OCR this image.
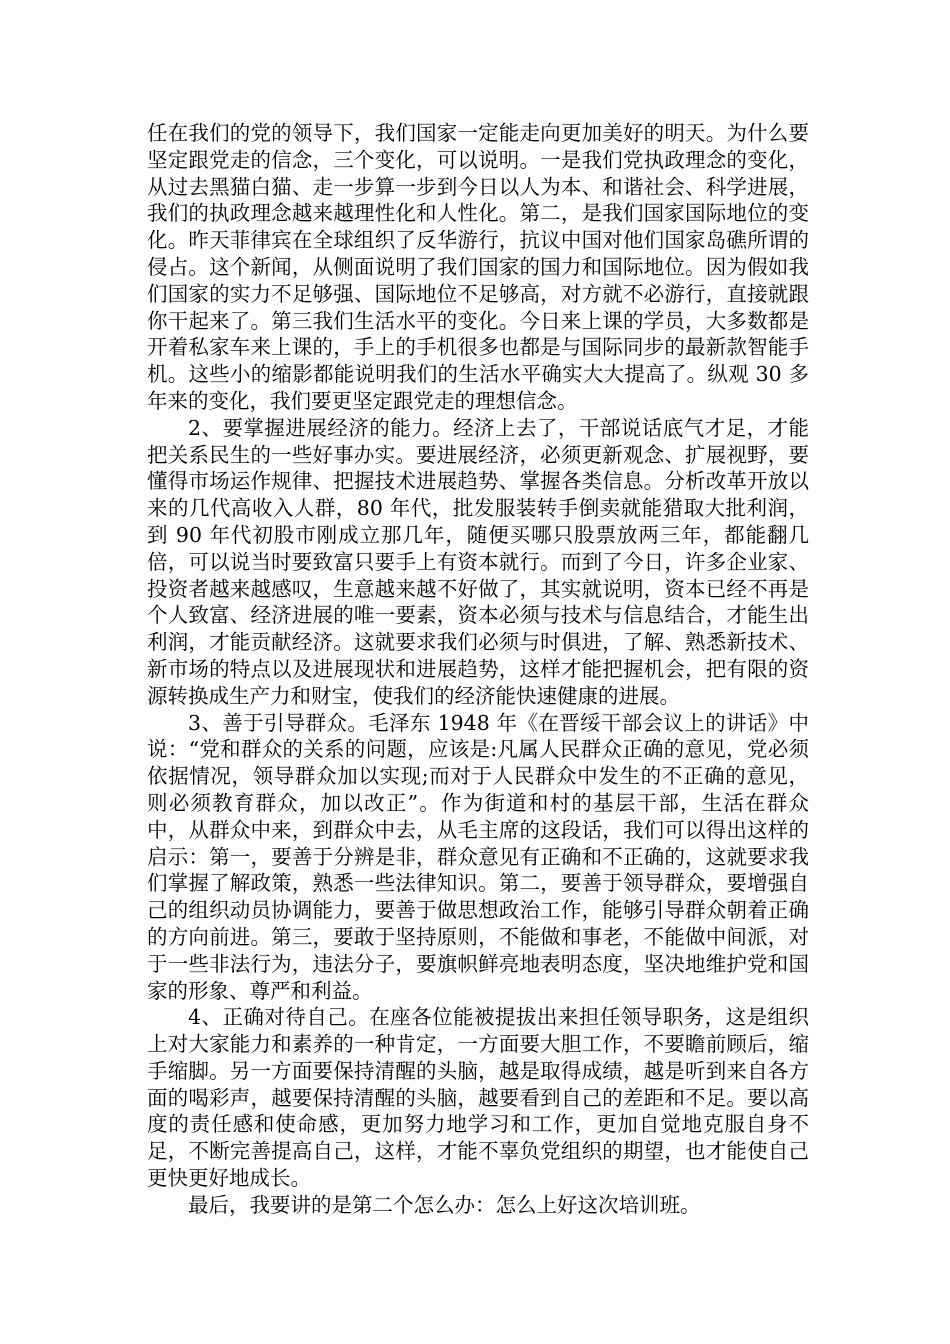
任在我们的党的领导下，我们国家一定能走向更加美好的明天。为什么要坚定跟党走的信念，三个变化，可以说明。一是我们党执政理念的变化，从过去黑猫白猫、走一步算一步到今日以人为本、和谐社会、科学进展，我们的执政理念越来越理性化和人性化。第二，是我们国家国际地位的变化。昨天菲律宾在全球组织了反华游行，抗议中国对他们国家岛礁所谓的侵占。这个新闻，从侧面说明了我们国家的国力和国际地位。因为假如我们国家的实力不足够强、国际地位不足够高，对方就不必游行，直接就跟你干起来了。第三我们生活水平的变化。今日来上课的学员，大多数都是开着私家车来上课的，手上的手机很多也都是与国际同步的最新款智能手机。这些小的缩影都能说明我们的生活水平确实大大提高了。纵观 30 多年来的变化，我们要更坚定跟党走的理想信念。

2、要掌握进展经济的能力。经济上去了，干部说话底气才足，才能把关系民生的一些好事办实。要进展经济，必须更新观念、扩展视野，要懂得市场运作规律、把握技术进展趋势、掌握各类信息。分析改革开放以来的几代高收入人群，80 年代，批发服装转手倒卖就能猎取大批利润，到 90 年代初股市刚成立那几年，随便买哪只股票放两三年，都能翻几倍，可以说当时要致富只要手上有资本就行。而到了今日，许多企业家、投资者越来越感叹，生意越来越不好做了，其实就说明，资本已经不再是个人致富、经济进展的唯一要素，资本必须与技术与信息结合，才能生出利润，才能贡献经济。这就要求我们必须与时俱进，了解、熟悉新技术、新市场的特点以及进展现状和进展趋势，这样才能把握机会，把有限的资源转换成生产力和财宝，使我们的经济能快速健康的进展。

3、善于引导群众。毛泽东 1948 年《在晋绥干部会议上的讲话》中说：“党和群众的关系的问题，应该是:凡属人民群众正确的意见，党必须依据情况，领导群众加以实现;而对于人民群众中发生的不正确的意见，则必须教育群众，加以改正”。作为街道和村的基层干部，生活在群众中，从群众中来，到群众中去，从毛主席的这段话，我们可以得出这样的启示：第一，要善于分辨是非，群众意见有正确和不正确的，这就要求我们掌握了解政策，熟悉一些法律知识。第二，要善于领导群众，要增强自己的组织动员协调能力，要善于做思想政治工作，能够引导群众朝着正确的方向前进。第三，要敢于坚持原则，不能做和事老，不能做中间派，对于一些非法行为，违法分子，要旗帜鲜亮地表明态度，坚决地维护党和国家的形象、尊严和利益。

4、正确对待自己。在座各位能被提拔出来担任领导职务，这是组织上对大家能力和素养的一种肯定，一方面要大胆工作，不要瞻前顾后，缩手缩脚。另一方面要保持清醒的头脑，越是取得成绩，越是听到来自各方面的喝彩声，越要保持清醒的头脑，越要看到自己的差距和不足。要以高度的责任感和使命感，更加努力地学习和工作，更加自觉地克服自身不足，不断完善提高自己，这样，才能不辜负党组织的期望，也才能使自己更快更好地成长。

最后，我要讲的是第二个怎么办：怎么上好这次培训班。
